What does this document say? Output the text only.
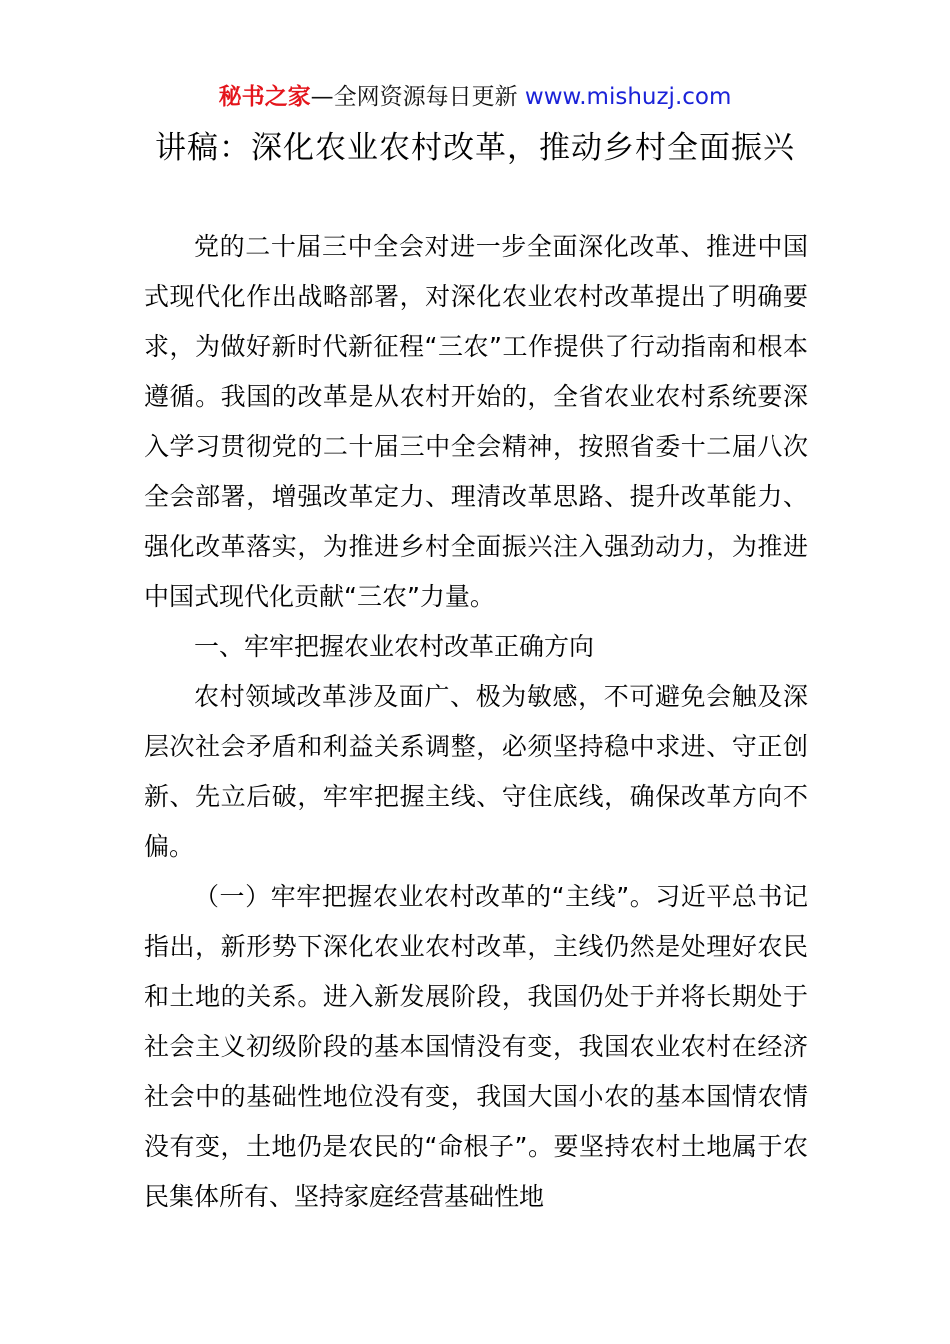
秘书之家—全网资源每日更新 www.mishuzj.com
讲稿：深化农业农村改革，推动乡村全面振兴

党的二十届三中全会对进一步全面深化改革、推进中国式现代化作出战略部署，对深化农业农村改革提出了明确要求，为做好新时代新征程“三农”工作提供了行动指南和根本遵循。我国的改革是从农村开始的，全省农业农村系统要深入学习贯彻党的二十届三中全会精神，按照省委十二届八次全会部署，增强改革定力、理清改革思路、提升改革能力、强化改革落实，为推进乡村全面振兴注入强劲动力，为推进中国式现代化贡献“三农”力量。

一、牢牢把握农业农村改革正确方向

农村领域改革涉及面广、极为敏感，不可避免会触及深层次社会矛盾和利益关系调整，必须坚持稳中求进、守正创新、先立后破，牢牢把握主线、守住底线，确保改革方向不偏。

（一）牢牢把握农业农村改革的“主线”。习近平总书记指出，新形势下深化农业农村改革，主线仍然是处理好农民和土地的关系。进入新发展阶段，我国仍处于并将长期处于社会主义初级阶段的基本国情没有变，我国农业农村在经济社会中的基础性地位没有变，我国大国小农的基本国情农情没有变，土地仍是农民的“命根子”。要坚持农村土地属于农民集体所有、坚持家庭经营基础性地
